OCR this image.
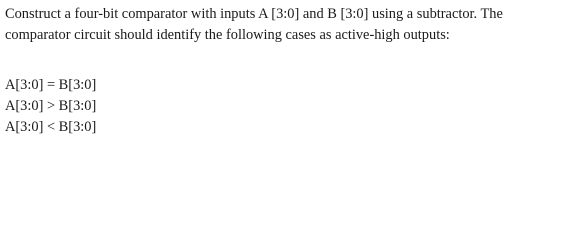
Construct a four-bit comparator with inputs A [3:0] and B [3:0] using a subtractor. The
comparator circuit should identify the following cases as active-high outputs:

A[3:0] = B[3:0]
A[3:0] > B[3:0]
A[3:0] < B[3:0]
